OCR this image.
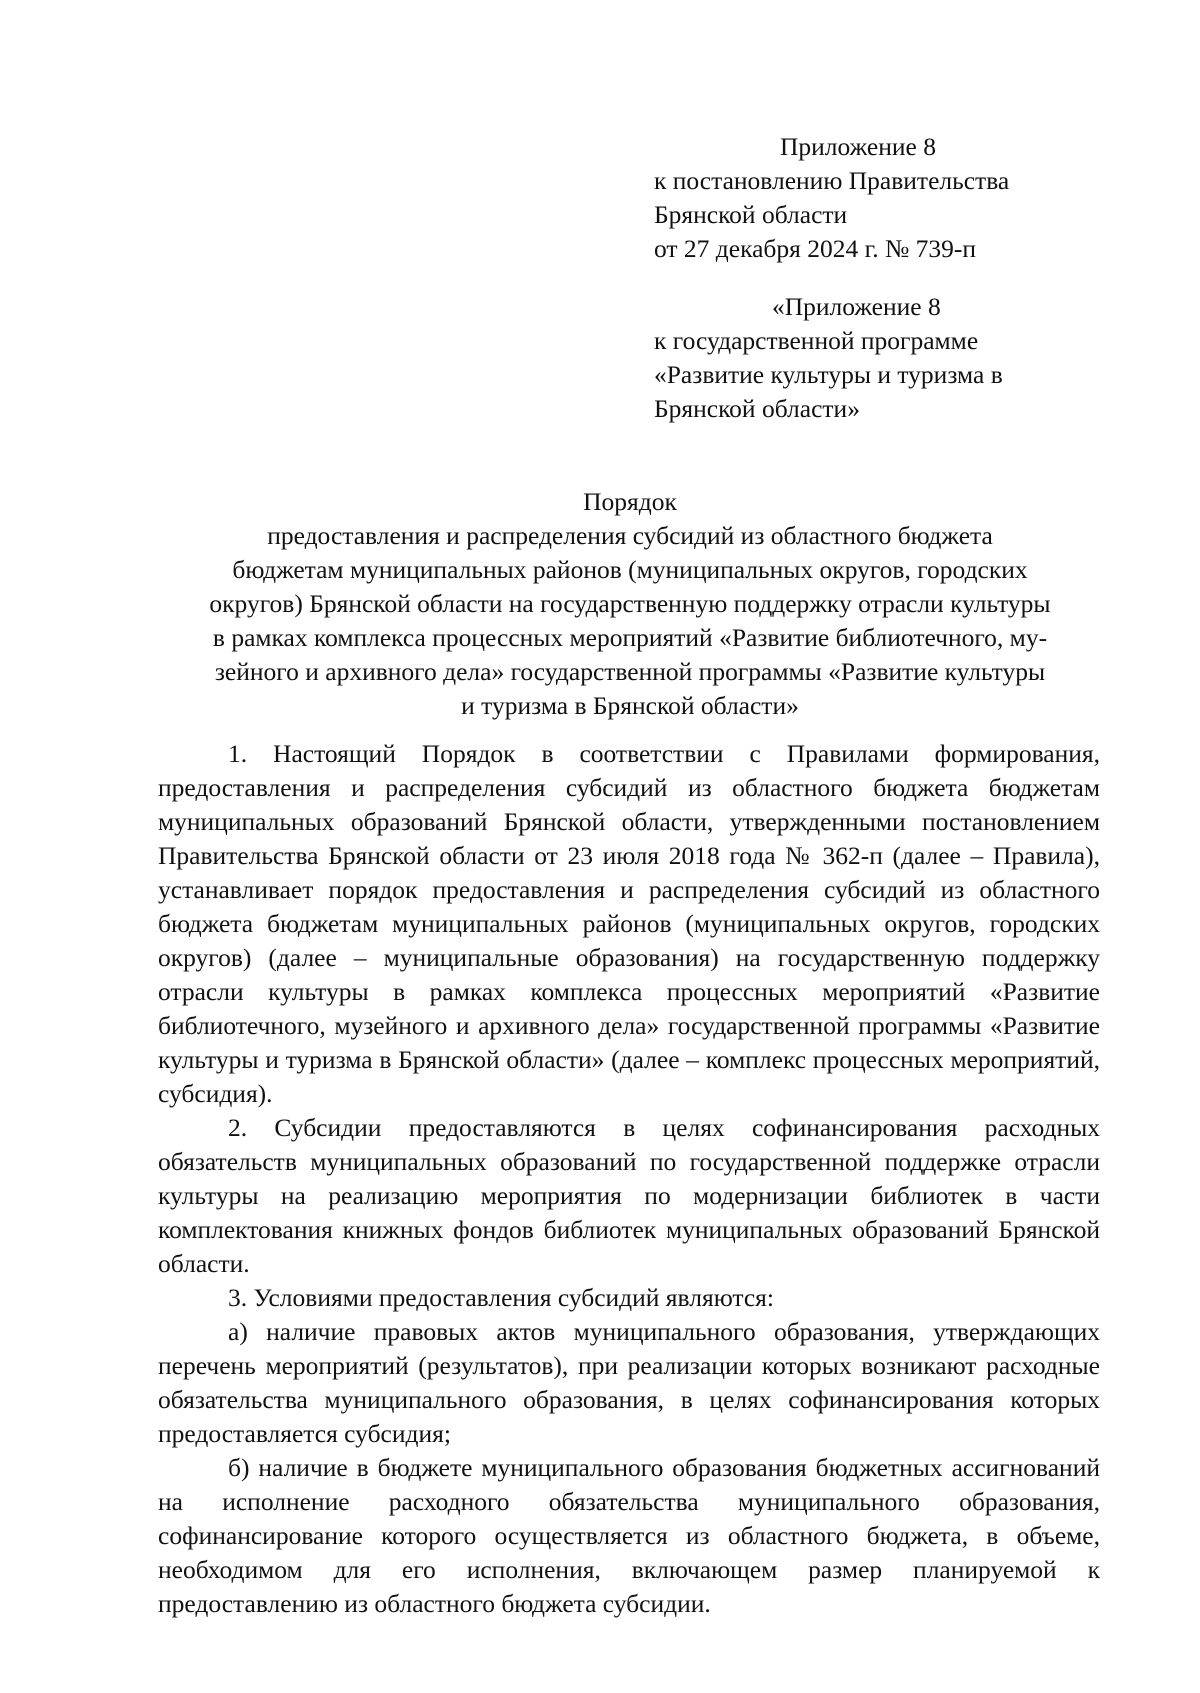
Приложение 8
к постановлению Правительства
Брянской области
от 27 декабря 2024 г. № 739-п
«Приложение 8
к государственной программе
«Развитие культуры и туризма в
Брянской области»
Порядок
предоставления и распределения субсидий из областного бюджета
бюджетам муниципальных районов (муниципальных округов, городских
округов) Брянской области на государственную поддержку отрасли культуры
в рамках комплекса процессных мероприятий «Развитие библиотечного, му-
зейного и архивного дела» государственной программы «Развитие культуры
и туризма в Брянской области»

1. Настоящий Порядок в соответствии с Правилами формирования, предоставления и распределения субсидий из областного бюджета бюджетам муниципальных образований Брянской области, утвержденными постановлением Правительства Брянской области от 23 июля 2018 года № 362-п (далее – Правила), устанавливает порядок предоставления и распределения субсидий из областного бюджета бюджетам муниципальных районов (муниципальных округов, городских округов) (далее – муниципальные образования) на государственную поддержку отрасли культуры в рамках комплекса процессных мероприятий «Развитие библиотечного, музейного и архивного дела» государственной программы «Развитие культуры и туризма в Брянской области» (далее – комплекс процессных мероприятий, субсидия).

2. Субсидии предоставляются в целях софинансирования расходных обязательств муниципальных образований по государственной поддержке отрасли культуры на реализацию мероприятия по модернизации библиотек в части комплектования книжных фондов библиотек муниципальных образований Брянской области.

3. Условиями предоставления субсидий являются:

а) наличие правовых актов муниципального образования, утверждающих перечень мероприятий (результатов), при реализации которых возникают расходные обязательства муниципального образования, в целях софинансирования которых предоставляется субсидия;

б) наличие в бюджете муниципального образования бюджетных ассигнований на исполнение расходного обязательства муниципального образования, софинансирование которого осуществляется из областного бюджета, в объеме, необходимом для его исполнения, включающем размер планируемой к предоставлению из областного бюджета субсидии.
